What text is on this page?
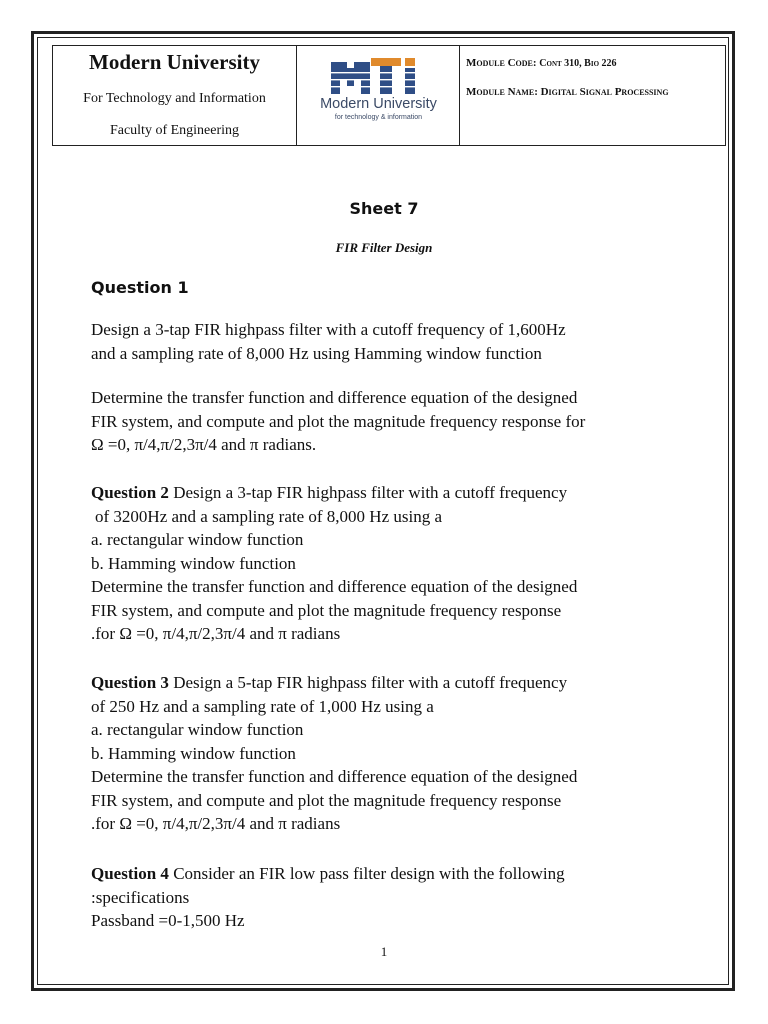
Modern University
For Technology and Information
Faculty of Engineering
Modern University
for technology & information
Module Code: Cont 310, Bio 226
Module Name: Digital Signal Processing
Sheet 7
FIR Filter Design
Question 1
Design a 3-tap FIR highpass filter with a cutoff frequency of 1,600Hz
and a sampling rate of 8,000 Hz using Hamming window function
Determine the transfer function and difference equation of the designed
FIR system, and compute and plot the magnitude frequency response for
Ω =0, π/4,π/2,3π/4 and π radians.
Question 2 Design a 3-tap FIR highpass filter with a cutoff frequency
of 3200Hz and a sampling rate of 8,000 Hz using a
a. rectangular window function
b. Hamming window function
Determine the transfer function and difference equation of the designed
FIR system, and compute and plot the magnitude frequency response
.for Ω =0, π/4,π/2,3π/4 and π radians
Question 3 Design a 5-tap FIR highpass filter with a cutoff frequency
of 250 Hz and a sampling rate of 1,000 Hz using a
a. rectangular window function
b. Hamming window function
Determine the transfer function and difference equation of the designed
FIR system, and compute and plot the magnitude frequency response
.for Ω =0, π/4,π/2,3π/4 and π radians
Question 4 Consider an FIR low pass filter design with the following
:specifications
Passband =0-1,500 Hz
1
